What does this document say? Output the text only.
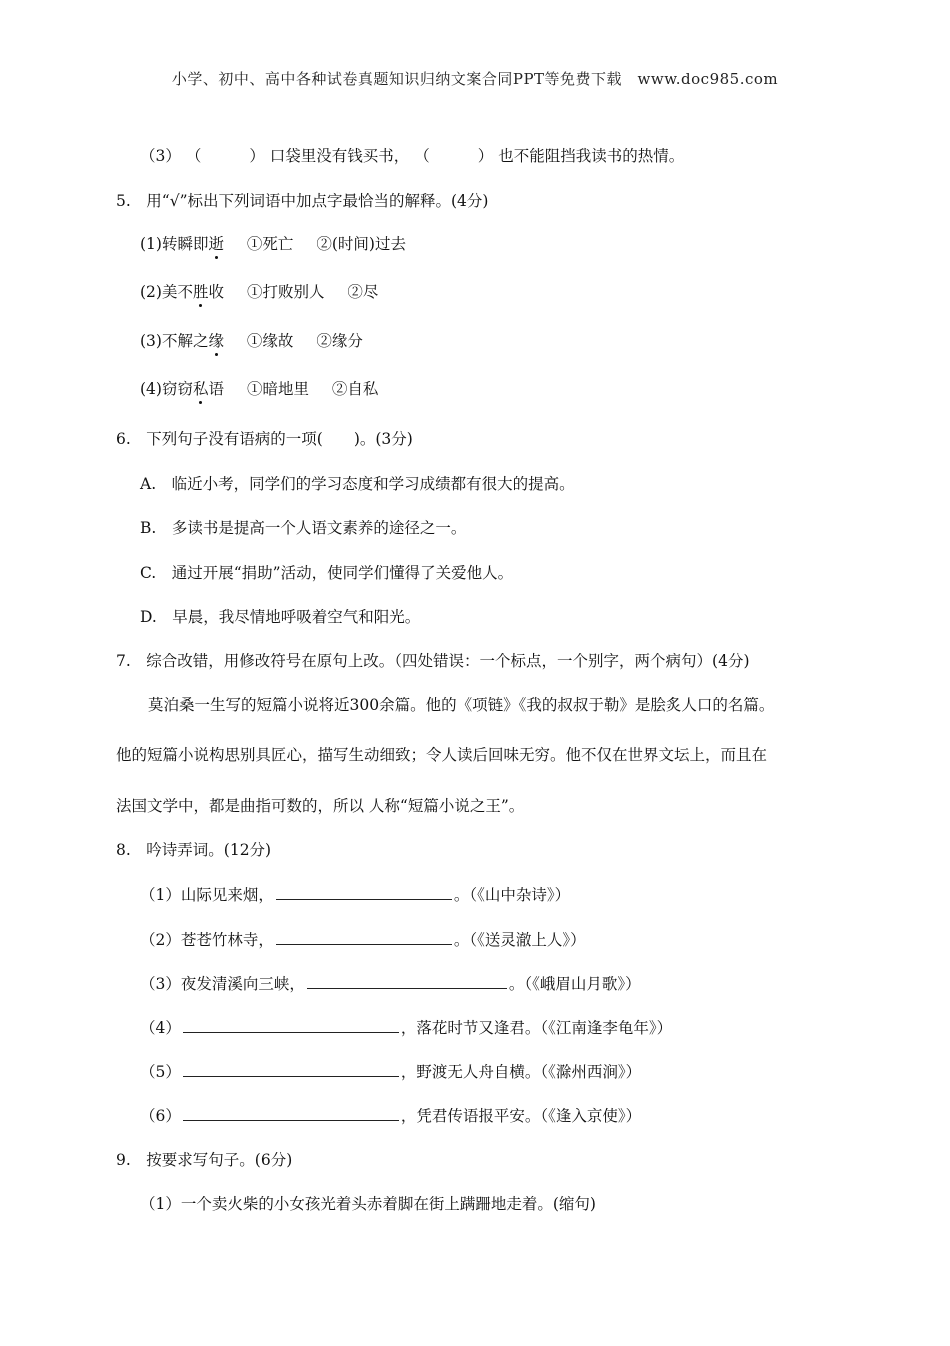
小学、初中、高中各种试卷真题知识归纳文案合同PPT等免费下载　www.doc985.com
（3） （	） 口袋里没有钱买书， （	） 也不能阻挡我读书的热情。
5.　用“√”标出下列词语中加点字最恰当的解释。(4分)
(1)转瞬即逝 ①死亡 ②(时间)过去
(2)美不胜收 ①打败别人 ②尽
(3)不解之缘 ①缘故 ②缘分
(4)窃窃私语 ①暗地里 ②自私
6.　下列句子没有语病的一项(　　)。(3分)
A.　临近小考，同学们的学习态度和学习成绩都有很大的提高。
B.　多读书是提高一个人语文素养的途径之一。
C.　通过开展“捐助”活动，使同学们懂得了关爱他人。
D.　早晨，我尽情地呼吸着空气和阳光。
7.　综合改错，用修改符号在原句上改。（四处错误：一个标点，一个别字，两个病句）(4分)
莫泊桑一生写的短篇小说将近300余篇。他的《项链》《我的叔叔于勒》是脍炙人口的名篇。
他的短篇小说构思别具匠心，描写生动细致；令人读后回味无穷。他不仅在世界文坛上，而且在
法国文学中，都是曲指可数的，所以 人称“短篇小说之王”。
8.　吟诗弄词。(12分)
（1）山际见来烟，	。（《山中杂诗》）
（2）苍苍竹林寺，	。（《送灵澈上人》）
（3）夜发清溪向三峡，	。（《峨眉山月歌》）
（4）	，落花时节又逢君。（《江南逢李龟年》）
（5）	，野渡无人舟自横。（《滁州西涧》）
（6）	，凭君传语报平安。（《逢入京使》）
9.　按要求写句子。(6分)
（1）一个卖火柴的小女孩光着头赤着脚在街上蹒跚地走着。(缩句)
